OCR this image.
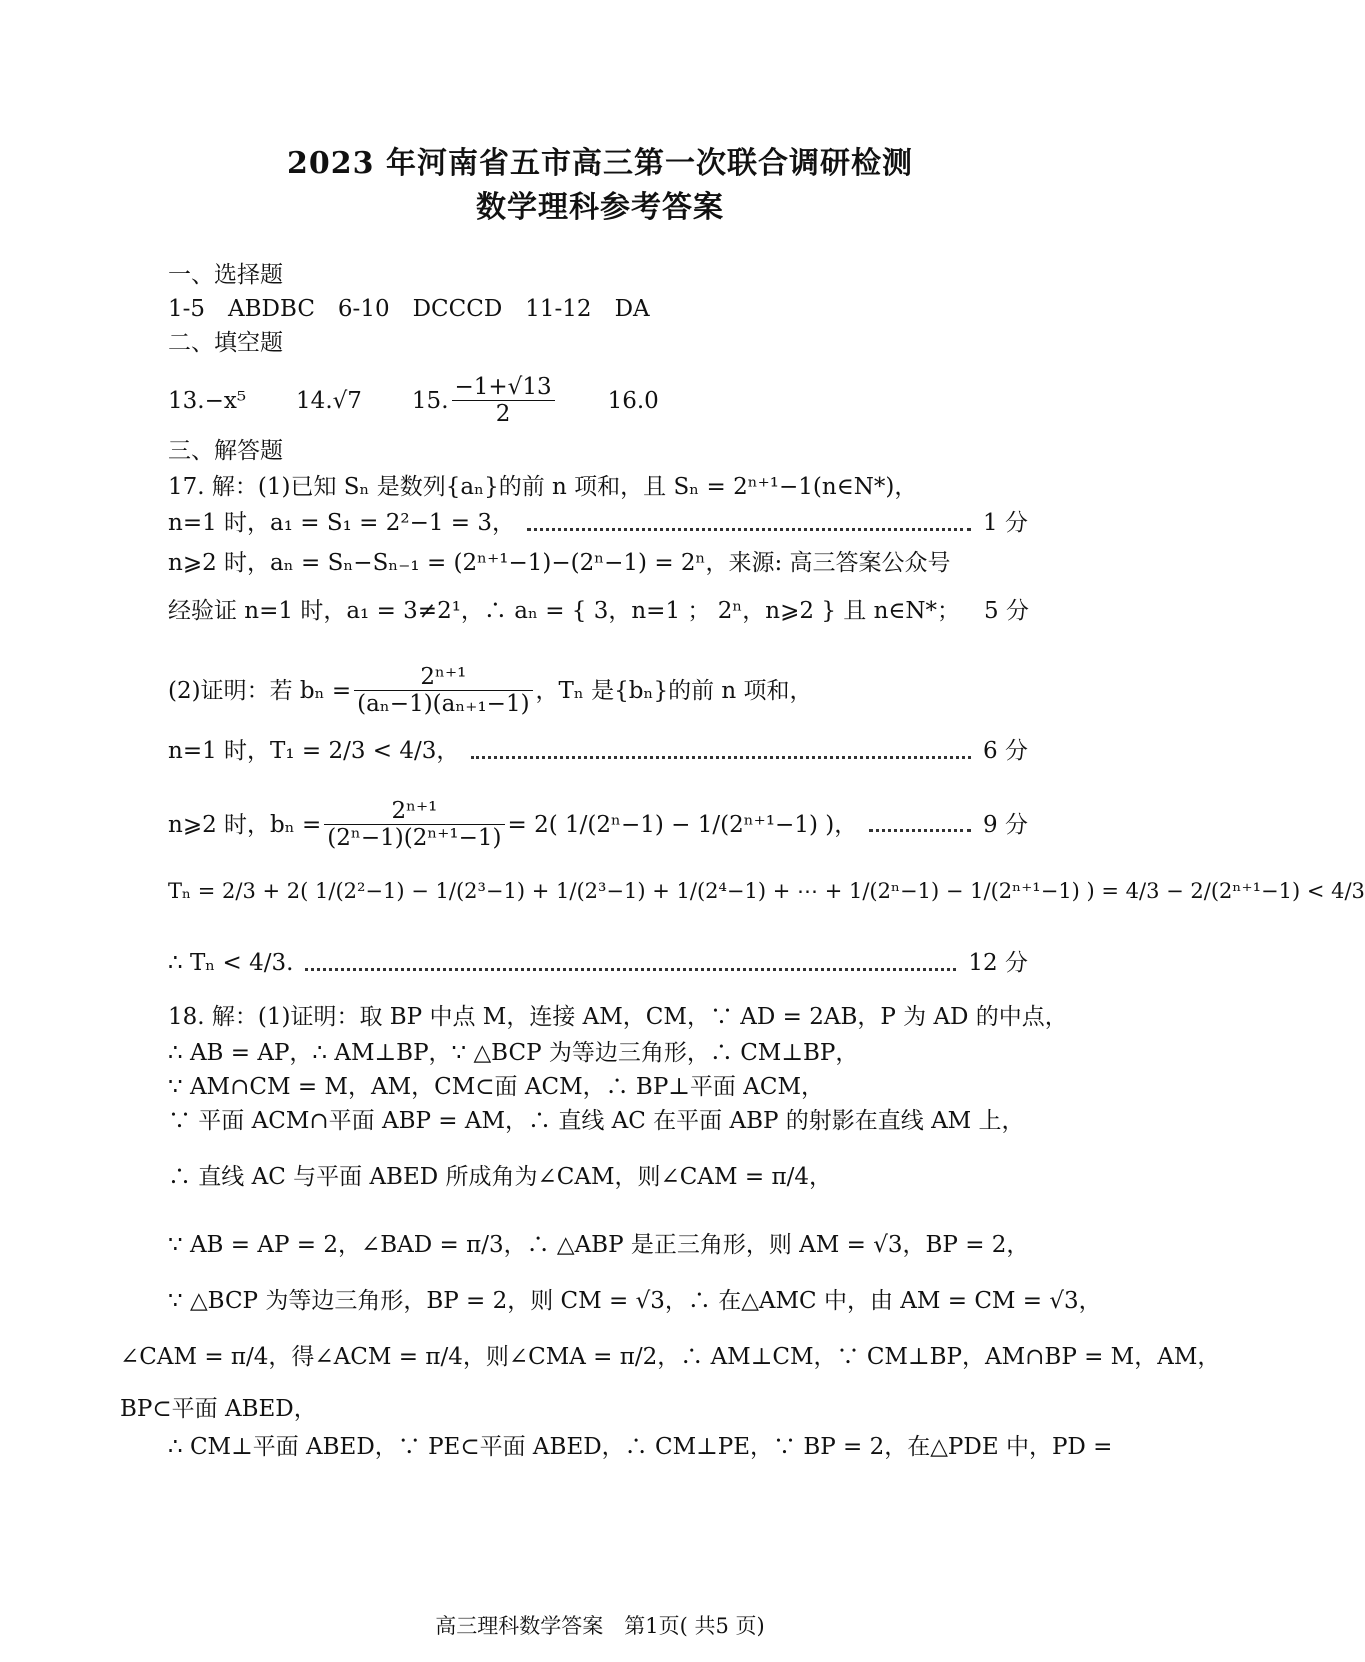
2023 年河南省五市高三第一次联合调研检测
数学理科参考答案
一、选择题
1-5　ABDBC　6-10　DCCCD　11-12　DA
二、填空题
13.−x⁵ 14.√7 15. $\frac{-1+√13}{2} 16.0$
三、解答题
17. 解：(1)已知 Sₙ 是数列{aₙ}的前 n 项和，且 Sₙ = 2ⁿ⁺¹−1(n∈N*)，
n=1 时，a₁ = S₁ = 2²−1 = 3，	1 分
n⩾2 时，aₙ = Sₙ−Sₙ₋₁ = (2ⁿ⁺¹−1)−(2ⁿ−1) = 2ⁿ，来源: 高三答案公众号
经验证 n=1 时，a₁ = 3≠2¹，∴ aₙ = { 3，n=1 ； 2ⁿ，n⩾2 } 且 n∈N*； 5 分
(2)证明：若 $b_n = \frac{\text{2ⁿ⁺¹}}{\text{(aₙ−1)(aₙ₊₁−1)}}$ ，Tₙ 是{bₙ}的前 n 项和，
n=1 时，T₁ = 2/3 < 4/3，	6 分
n⩾2 时，$b_n = \frac{\text{2ⁿ⁺¹}}{\text{(2ⁿ−1)(2ⁿ⁺¹−1)}} = 2$( 1/(2ⁿ−1) − 1/(2ⁿ⁺¹−1) )，	9 分
Tₙ = 2/3 + 2( 1/(2²−1) − 1/(2³−1) + 1/(2³−1) + 1/(2⁴−1) + ⋯ + 1/(2ⁿ−1) − 1/(2ⁿ⁺¹−1) ) = 4/3 − 2/(2ⁿ⁺¹−1) < 4/3
∴ Tₙ < 4/3.	12 分
18. 解：(1)证明：取 BP 中点 M，连接 AM，CM，∵ AD = 2AB，P 为 AD 的中点，
∴ AB = AP，∴ AM⊥BP，∵ △BCP 为等边三角形，∴ CM⊥BP，
∵ AM∩CM = M，AM，CM⊂面 ACM，∴ BP⊥平面 ACM，
∵ 平面 ACM∩平面 ABP = AM，∴ 直线 AC 在平面 ABP 的射影在直线 AM 上，
∴ 直线 AC 与平面 ABED 所成角为∠CAM，则∠CAM = π/4，
∵ AB = AP = 2，∠BAD = π/3，∴ △ABP 是正三角形，则 AM = √3，BP = 2，
∵ △BCP 为等边三角形，BP = 2，则 CM = √3，∴ 在△AMC 中，由 AM = CM = √3，
∠CAM = π/4，得∠ACM = π/4，则∠CMA = π/2，∴ AM⊥CM，∵ CM⊥BP，AM∩BP = M，AM，
BP⊂平面 ABED，
∴ CM⊥平面 ABED，∵ PE⊂平面 ABED，∴ CM⊥PE，∵ BP = 2，在△PDE 中，PD =
高三理科数学答案　第1页( 共5 页)
